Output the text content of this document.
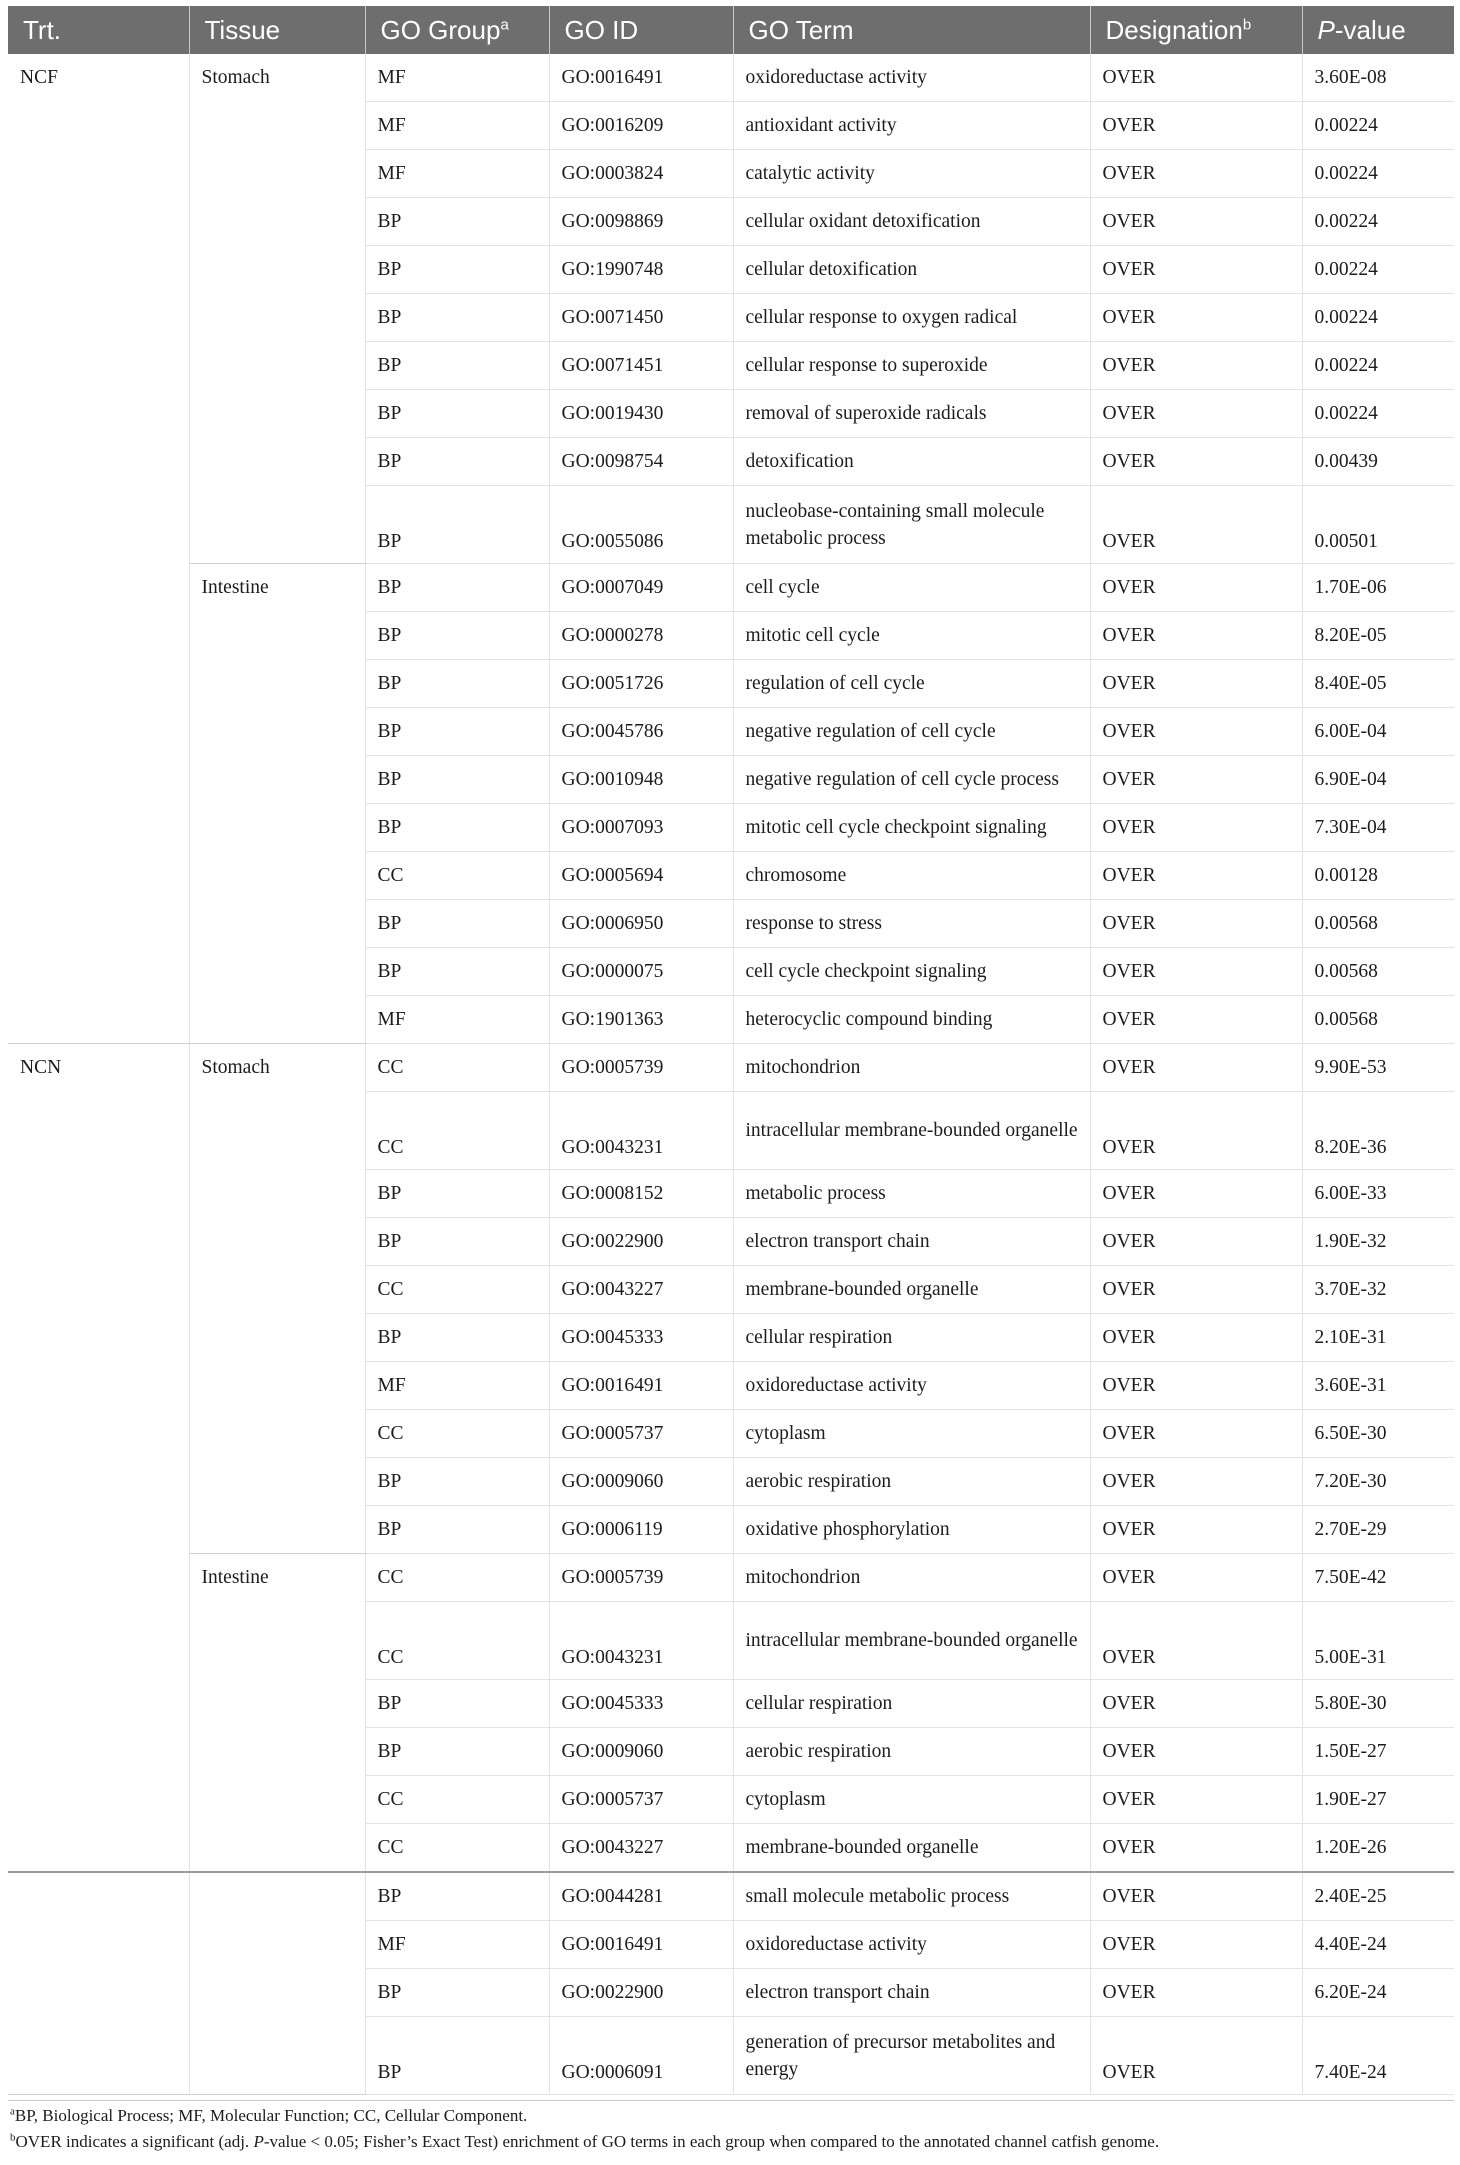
Trt.	Tissue	GO Group$^a$	GO ID	GO Term	Designation$^b$	P-value
NCF	Stomach	MF	GO:0016491	oxidoreductase activity	OVER	3.60E-08
		MF	GO:0016209	antioxidant activity	OVER	0.00224
		MF	GO:0003824	catalytic activity	OVER	0.00224
		BP	GO:0098869	cellular oxidant detoxification	OVER	0.00224
		BP	GO:1990748	cellular detoxification	OVER	0.00224
		BP	GO:0071450	cellular response to oxygen radical	OVER	0.00224
		BP	GO:0071451	cellular response to superoxide	OVER	0.00224
		BP	GO:0019430	removal of superoxide radicals	OVER	0.00224
		BP	GO:0098754	detoxification	OVER	0.00439
		BP	GO:0055086	nucleobase-containing small molecule metabolic process	OVER	0.00501
	Intestine	BP	GO:0007049	cell cycle	OVER	1.70E-06
		BP	GO:0000278	mitotic cell cycle	OVER	8.20E-05
		BP	GO:0051726	regulation of cell cycle	OVER	8.40E-05
		BP	GO:0045786	negative regulation of cell cycle	OVER	6.00E-04
		BP	GO:0010948	negative regulation of cell cycle process	OVER	6.90E-04
		BP	GO:0007093	mitotic cell cycle checkpoint signaling	OVER	7.30E-04
		CC	GO:0005694	chromosome	OVER	0.00128
		BP	GO:0006950	response to stress	OVER	0.00568
		BP	GO:0000075	cell cycle checkpoint signaling	OVER	0.00568
		MF	GO:1901363	heterocyclic compound binding	OVER	0.00568
NCN	Stomach	CC	GO:0005739	mitochondrion	OVER	9.90E-53
		CC	GO:0043231	intracellular membrane-bounded organelle	OVER	8.20E-36
		BP	GO:0008152	metabolic process	OVER	6.00E-33
		BP	GO:0022900	electron transport chain	OVER	1.90E-32
		CC	GO:0043227	membrane-bounded organelle	OVER	3.70E-32
		BP	GO:0045333	cellular respiration	OVER	2.10E-31
		MF	GO:0016491	oxidoreductase activity	OVER	3.60E-31
		CC	GO:0005737	cytoplasm	OVER	6.50E-30
		BP	GO:0009060	aerobic respiration	OVER	7.20E-30
		BP	GO:0006119	oxidative phosphorylation	OVER	2.70E-29
	Intestine	CC	GO:0005739	mitochondrion	OVER	7.50E-42
		CC	GO:0043231	intracellular membrane-bounded organelle	OVER	5.00E-31
		BP	GO:0045333	cellular respiration	OVER	5.80E-30
		BP	GO:0009060	aerobic respiration	OVER	1.50E-27
		CC	GO:0005737	cytoplasm	OVER	1.90E-27
		CC	GO:0043227	membrane-bounded organelle	OVER	1.20E-26
		BP	GO:0044281	small molecule metabolic process	OVER	2.40E-25
		MF	GO:0016491	oxidoreductase activity	OVER	4.40E-24
		BP	GO:0022900	electron transport chain	OVER	6.20E-24
		BP	GO:0006091	generation of precursor metabolites and energy	OVER	7.40E-24
$^a$BP, Biological Process; MF, Molecular Function; CC, Cellular Component.
$^b$OVER indicates a significant (adj. P-value < 0.05; Fisher’s Exact Test) enrichment of GO terms in each group when compared to the annotated channel catfish genome.
